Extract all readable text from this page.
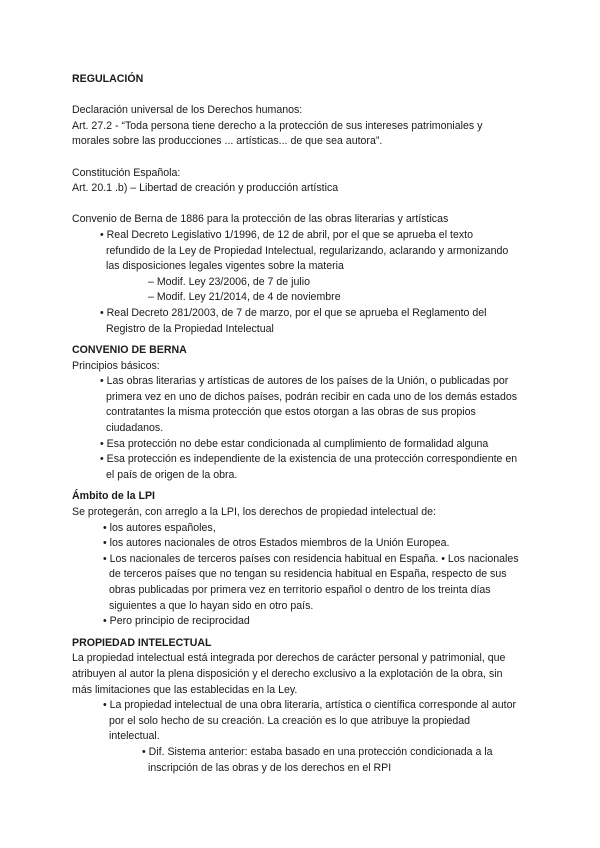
REGULACIÓN
Declaración universal de los Derechos humanos:
Art. 27.2 - “Toda persona tiene derecho a la protección de sus intereses patrimoniales y morales sobre las producciones ... artísticas... de que sea autora”.
Constitución Española:
Art. 20.1 .b) – Libertad de creación y producción artística
Convenio de Berna de 1886 para la protección de las obras literarias y artísticas
• Real Decreto Legislativo 1/1996, de 12 de abril, por el que se aprueba el texto refundido de la Ley de Propiedad Intelectual, regularizando, aclarando y armonizando las disposiciones legales vigentes sobre la materia
– Modif. Ley 23/2006, de 7 de julio
– Modif. Ley 21/2014, de 4 de noviembre
• Real Decreto 281/2003, de 7 de marzo, por el que se aprueba el Reglamento del Registro de la Propiedad Intelectual
CONVENIO DE BERNA
Principios básicos:
• Las obras literarias y artísticas de autores de los países de la Unión, o publicadas por primera vez en uno de dichos países, podrán recibir en cada uno de los demás estados contratantes la misma protección que estos otorgan a las obras de sus propios ciudadanos.
• Esa protección no debe estar condicionada al cumplimiento de formalidad alguna
• Esa protección es independiente de la existencia de una protección correspondiente en el país de origen de la obra.
Ámbito de la LPI
Se protegerán, con arreglo a la LPI, los derechos de propiedad intelectual de:
• los autores españoles,
• los autores nacionales de otros Estados miembros de la Unión Europea.
• Los nacionales de terceros países con residencia habitual en España. • Los nacionales de terceros países que no tengan su residencia habitual en España, respecto de sus obras publicadas por primera vez en territorio español o dentro de los treinta días siguientes a que lo hayan sido en otro país.
• Pero principio de reciprocidad
PROPIEDAD INTELECTUAL
La propiedad intelectual está integrada por derechos de carácter personal y patrimonial, que atribuyen al autor la plena disposición y el derecho exclusivo a la explotación de la obra, sin más limitaciones que las establecidas en la Ley.
• La propiedad intelectual de una obra literaria, artística o científica corresponde al autor por el solo hecho de su creación. La creación es lo que atribuye la propiedad intelectual.
• Dif. Sistema anterior: estaba basado en una protección condicionada a la inscripción de las obras y de los derechos en el RPI
